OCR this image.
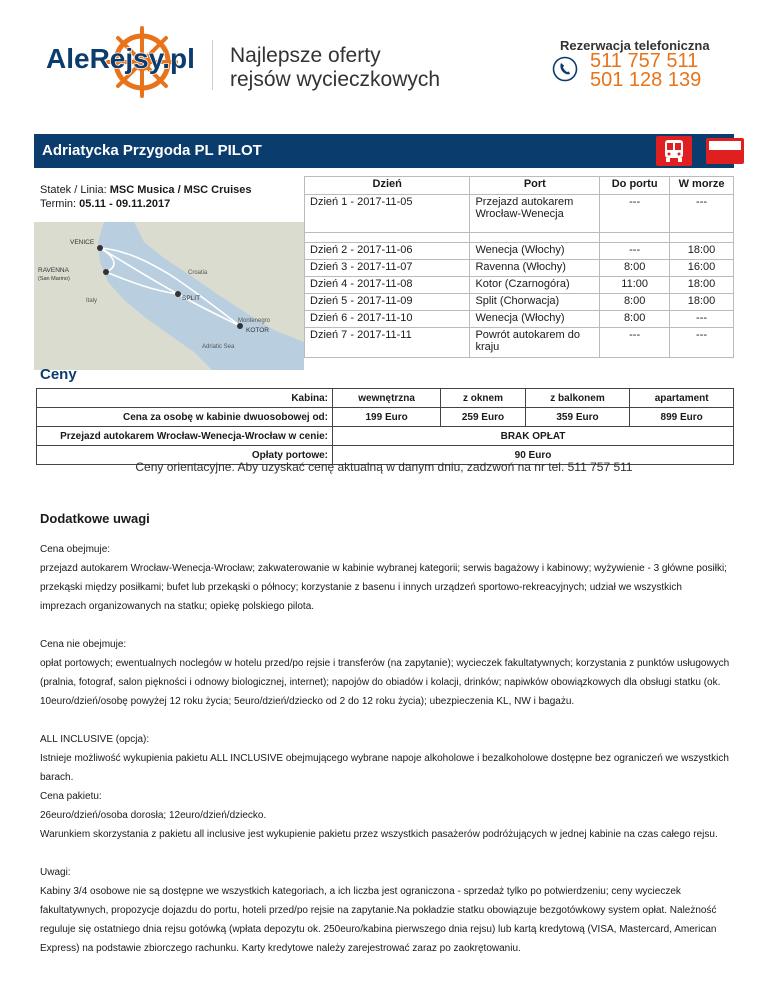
AleRejsy.pl Najlepsze oferty
rejsów wycieczkowych
Rezerwacja telefoniczna
511 757 511
501 128 139
Adriatycka Przygoda PL PILOT
Statek / Linia: MSC Musica / MSC Cruises
Termin: 05.11 - 09.11.2017
VENICE
RAVENNA
(San Marino)
Croatia
Italy	SPLIT
Montenegro
KOTOR
Adriatic Sea
Dzień	Port	Do portu	W morze
Dzień 1 - 2017-11-05	Przejazd autokarem Wrocław-Wenecja	---	---

Dzień 2 - 2017-11-06	Wenecja (Włochy)	---	18:00
Dzień 3 - 2017-11-07	Ravenna (Włochy)	8:00	16:00
Dzień 4 - 2017-11-08	Kotor (Czarnogóra)	11:00	18:00
Dzień 5 - 2017-11-09	Split (Chorwacja)	8:00	18:00
Dzień 6 - 2017-11-10	Wenecja (Włochy)	8:00	---
Dzień 7 - 2017-11-11	Powrót autokarem do kraju	---	---
Ceny
Kabina:	wewnętrzna	z oknem	z balkonem	apartament
Cena za osobę w kabinie dwuosobowej od:	199 Euro	259 Euro	359 Euro	899 Euro
Przejazd autokarem Wrocław-Wenecja-Wrocław w cenie:	BRAK OPŁAT			
Opłaty portowe:	90 Euro			
Ceny orientacyjne. Aby uzyskać cenę aktualną w danym dniu, zadzwoń na nr tel. 511 757 511
Dodatkowe uwagi

Cena obejmuje:

przejazd autokarem Wrocław-Wenecja-Wrocław; zakwaterowanie w kabinie wybranej kategorii; serwis bagażowy i kabinowy; wyżywienie - 3 główne posiłki; przekąski między posiłkami; bufet lub przekąski o północy; korzystanie z basenu i innych urządzeń sportowo-rekreacyjnych; udział we wszystkich imprezach organizowanych na statku; opiekę polskiego pilota.

Cena nie obejmuje:

opłat portowych; ewentualnych noclegów w hotelu przed/po rejsie i transferów (na zapytanie); wycieczek fakultatywnych; korzystania z punktów usługowych (pralnia, fotograf, salon piękności i odnowy biologicznej, internet); napojów do obiadów i kolacji, drinków; napiwków obowiązkowych dla obsługi statku (ok. 10euro/dzień/osobę powyżej 12 roku życia; 5euro/dzień/dziecko od 2 do 12 roku życia); ubezpieczenia KL, NW i bagażu.

ALL INCLUSIVE (opcja):

Istnieje możliwość wykupienia pakietu ALL INCLUSIVE obejmującego wybrane napoje alkoholowe i bezalkoholowe dostępne bez ograniczeń we wszystkich barach.

Cena pakietu:

26euro/dzień/osoba dorosła; 12euro/dzień/dziecko.

Warunkiem skorzystania z pakietu all inclusive jest wykupienie pakietu przez wszystkich pasażerów podróżujących w jednej kabinie na czas całego rejsu.

Uwagi:

Kabiny 3/4 osobowe nie są dostępne we wszystkich kategoriach, a ich liczba jest ograniczona - sprzedaż tylko po potwierdzeniu; ceny wycieczek fakultatywnych, propozycje dojazdu do portu, hoteli przed/po rejsie na zapytanie.Na pokładzie statku obowiązuje bezgotówkowy system opłat. Należność reguluje się ostatniego dnia rejsu gotówką (wpłata depozytu ok. 250euro/kabina pierwszego dnia rejsu) lub kartą kredytową (VISA, Mastercard, American Express) na podstawie zbiorczego rachunku. Karty kredytowe należy zarejestrować zaraz po zaokrętowaniu.
